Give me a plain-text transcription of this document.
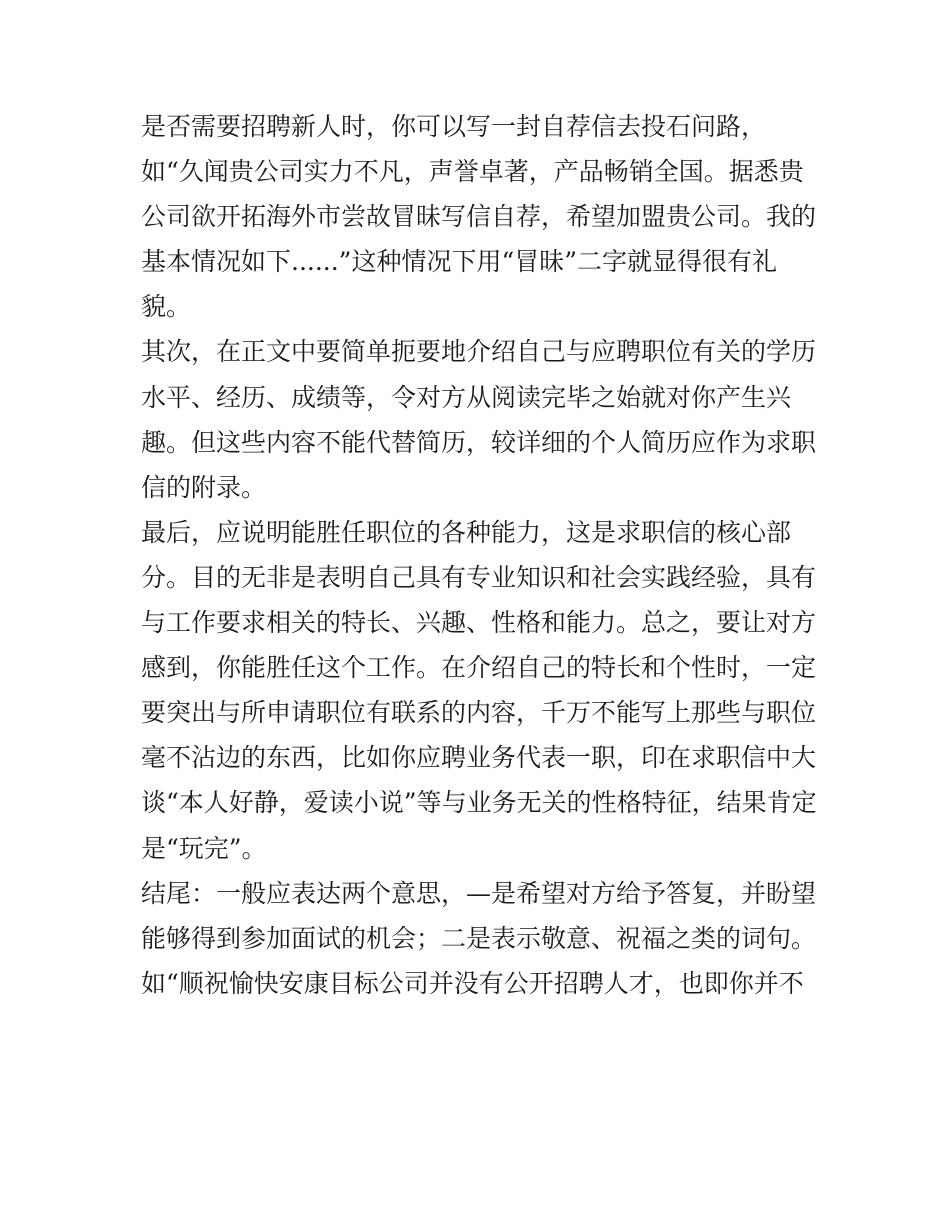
是否需要招聘新人时，你可以写一封自荐信去投石问路，
如“久闻贵公司实力不凡，声誉卓著，产品畅销全国。据悉贵
公司欲开拓海外市尝故冒昧写信自荐，希望加盟贵公司。我的
基本情况如下......”这种情况下用“冒昧”二字就显得很有礼
貌。
其次，在正文中要简单扼要地介绍自己与应聘职位有关的学历
水平、经历、成绩等，令对方从阅读完毕之始就对你产生兴
趣。但这些内容不能代替简历，较详细的个人简历应作为求职
信的附录。
最后，应说明能胜任职位的各种能力，这是求职信的核心部
分。目的无非是表明自己具有专业知识和社会实践经验，具有
与工作要求相关的特长、兴趣、性格和能力。总之，要让对方
感到，你能胜任这个工作。在介绍自己的特长和个性时，一定
要突出与所申请职位有联系的内容，千万不能写上那些与职位
毫不沾边的东西，比如你应聘业务代表一职，印在求职信中大
谈“本人好静，爱读小说”等与业务无关的性格特征，结果肯定
是“玩完”。
结尾：一般应表达两个意思，—是希望对方给予答复，并盼望
能够得到参加面试的机会；二是表示敬意、祝福之类的词句。
如“顺祝愉快安康目标公司并没有公开招聘人才，也即你并不
